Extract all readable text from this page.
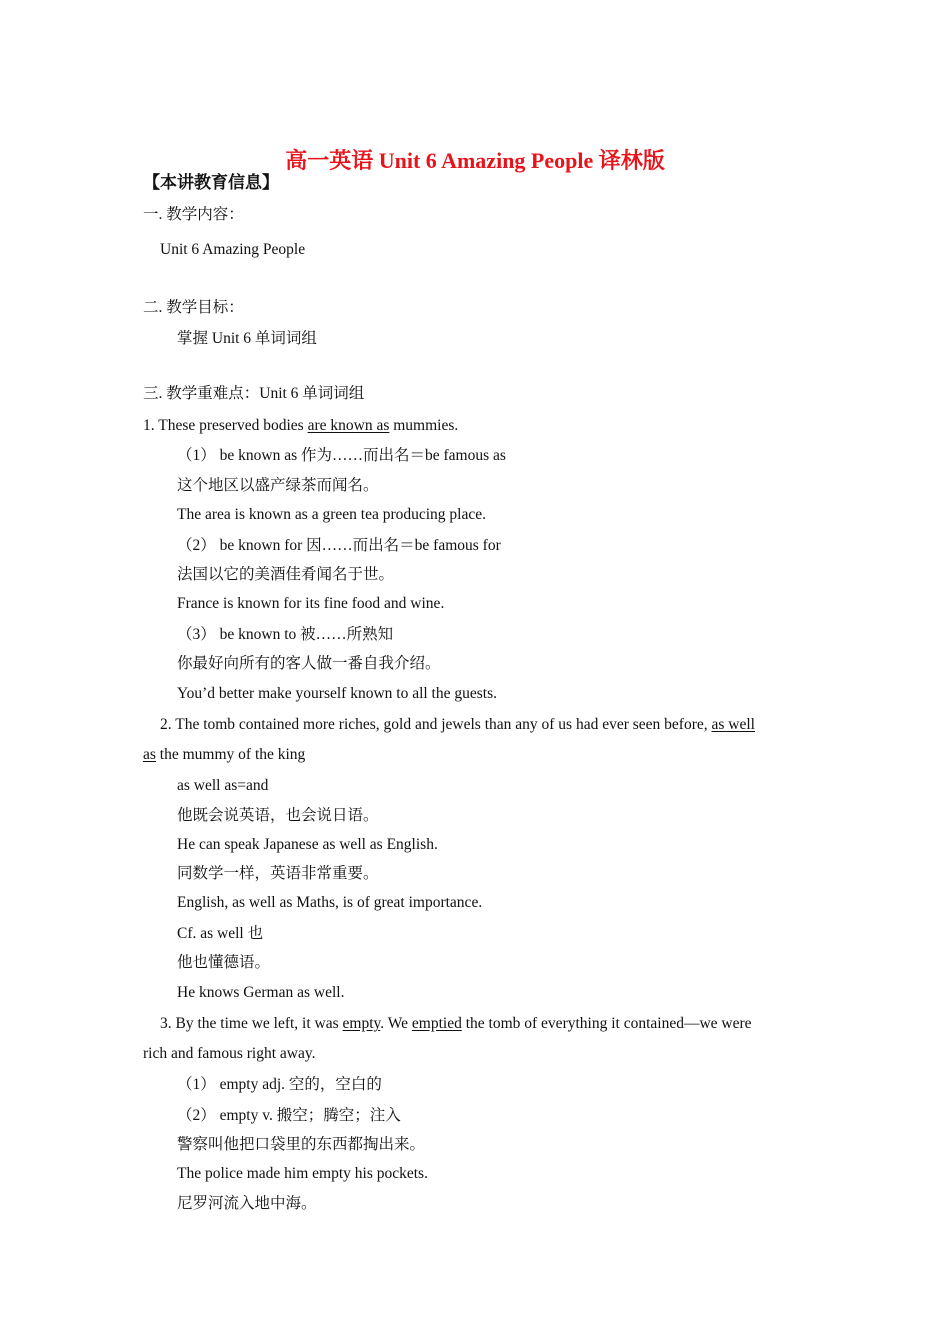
高一英语 Unit 6 Amazing People 译林版
【本讲教育信息】
一. 教学内容：
Unit 6 Amazing People
二. 教学目标：
掌握 Unit 6 单词词组
三. 教学重难点：Unit 6 单词词组
1. These preserved bodies are known as mummies.
（1） be known as 作为……而出名＝be famous as
这个地区以盛产绿茶而闻名。
The area is known as a green tea producing place.
（2） be known for 因……而出名＝be famous for
法国以它的美酒佳肴闻名于世。
France is known for its fine food and wine.
（3） be known to 被……所熟知
你最好向所有的客人做一番自我介绍。
You’d better make yourself known to all the guests.
2. The tomb contained more riches, gold and jewels than any of us had ever seen before, as well
as the mummy of the king
as well as=and
他既会说英语，也会说日语。
He can speak Japanese as well as English.
同数学一样，英语非常重要。
English, as well as Maths, is of great importance.
Cf. as well 也
他也懂德语。
He knows German as well.
3. By the time we left, it was empty. We emptied the tomb of everything it contained—we were
rich and famous right away.
（1） empty adj. 空的，空白的
（2） empty v. 搬空；腾空；注入
警察叫他把口袋里的东西都掏出来。
The police made him empty his pockets.
尼罗河流入地中海。
